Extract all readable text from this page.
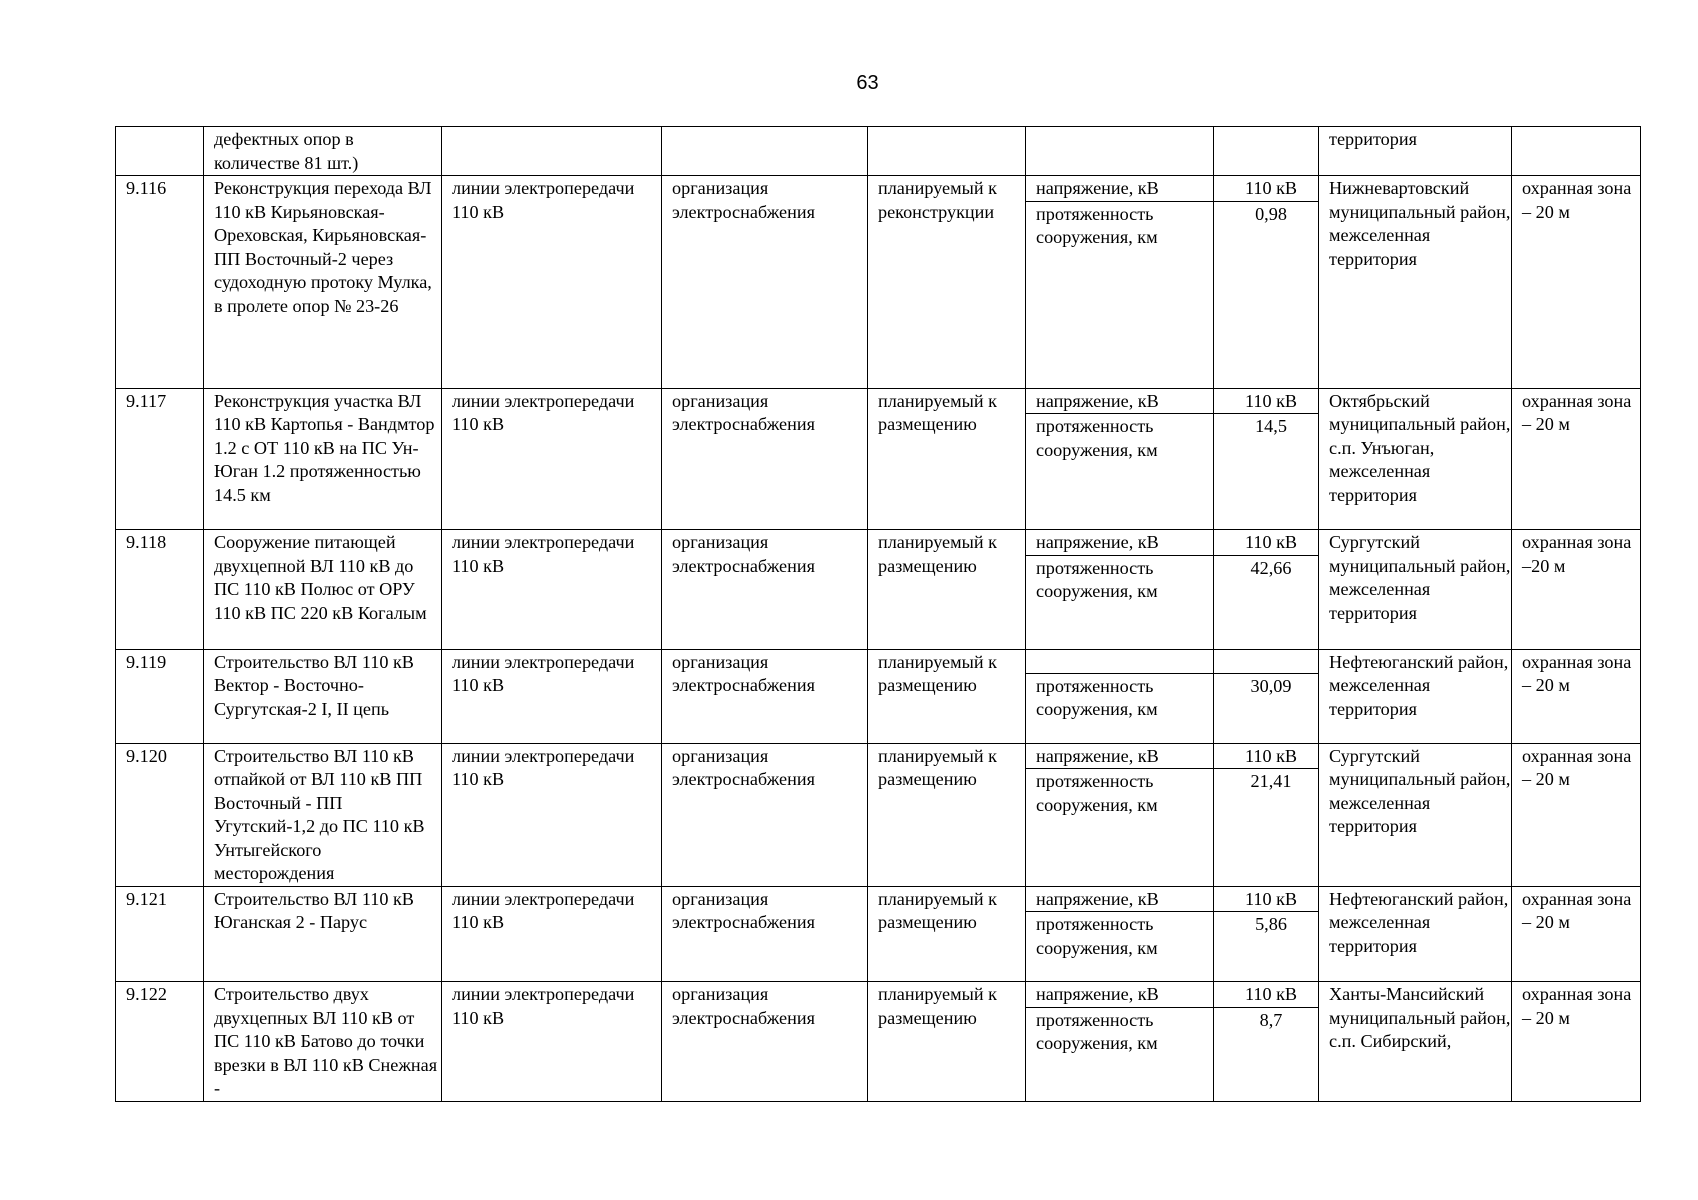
63
	дефектных опор в количестве 81 шт.)						территория	
9.116	Реконструкция перехода ВЛ 110 кВ Кирьяновская-Ореховская, Кирьяновская-ПП Восточный-2 через судоходную протоку Мулка, в пролете опор № 23-26	линии электропередачи 110 кВ	организация электроснабжения	планируемый к реконструкции	напряжение, кВ	110 кВ	Нижневартовский муниципальный район, межселенная территория	охранная зона – 20 м
					протяженность сооружения, км	0,98		
9.117	Реконструкция участка ВЛ 110 кВ Картопья - Вандмтор 1.2 с ОТ 110 кВ на ПС Ун-Юган 1.2 протяженностью 14.5 км	линии электропередачи 110 кВ	организация электроснабжения	планируемый к размещению	напряжение, кВ	110 кВ	Октябрьский муниципальный район, с.п. Унъюган, межселенная территория	охранная зона – 20 м
					протяженность сооружения, км	14,5		
9.118	Сооружение питающей двухцепной ВЛ 110 кВ до ПС 110 кВ Полюс от ОРУ 110 кВ ПС 220 кВ Когалым	линии электропередачи 110 кВ	организация электроснабжения	планируемый к размещению	напряжение, кВ	110 кВ	Сургутский муниципальный район, межселенная территория	охранная зона –20 м
					протяженность сооружения, км	42,66		
9.119	Строительство ВЛ 110 кВ Вектор - Восточно-Сургутская-2 I, II цепь	линии электропередачи 110 кВ	организация электроснабжения	планируемый к размещению			Нефтеюганский район, межселенная территория	охранная зона – 20 м
					протяженность сооружения, км	30,09		
9.120	Строительство ВЛ 110 кВ отпайкой от ВЛ 110 кВ ПП Восточный - ПП Угутский-1,2 до ПС 110 кВ Унтыгейского месторождения	линии электропередачи 110 кВ	организация электроснабжения	планируемый к размещению	напряжение, кВ	110 кВ	Сургутский муниципальный район, межселенная территория	охранная зона – 20 м
					протяженность сооружения, км	21,41		
9.121	Строительство ВЛ 110 кВ Юганская 2 - Парус	линии электропередачи 110 кВ	организация электроснабжения	планируемый к размещению	напряжение, кВ	110 кВ	Нефтеюганский район, межселенная территория	охранная зона – 20 м
					протяженность сооружения, км	5,86		
9.122	Строительство двух двухцепных ВЛ 110 кВ от ПС 110 кВ Батово до точки врезки в ВЛ 110 кВ Снежная -	линии электропередачи 110 кВ	организация электроснабжения	планируемый к размещению	напряжение, кВ	110 кВ	Ханты-Мансийский муниципальный район, с.п. Сибирский,	охранная зона – 20 м
					протяженность сооружения, км	8,7		
